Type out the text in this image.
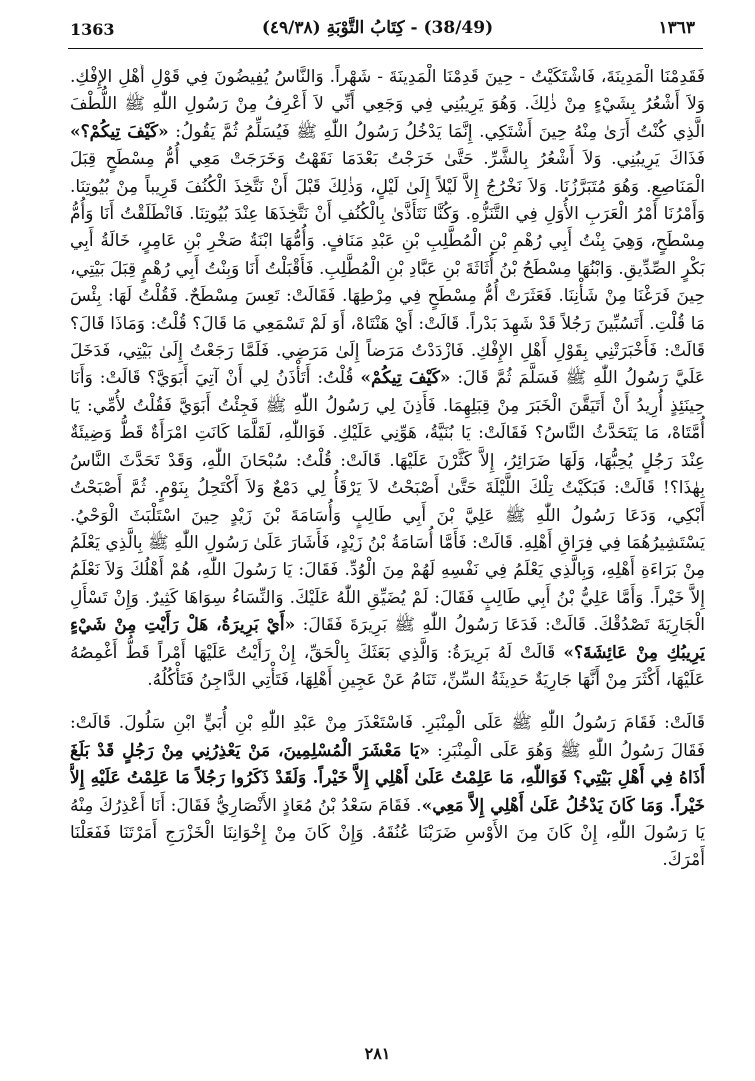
1363	(38/49) - كِتَابُ التَّوْبَةِ (٤٩/٣٨)	١٣٦٣

فَقَدِمْنَا الْمَدِينَةَ، فَاشْتَكَيْتُ - حِينَ قَدِمْنَا الْمَدِينَةَ - شَهْراً. وَالنَّاسُ يُفِيضُونَ فِي قَوْلِ أَهْلِ الإِفْكِ. وَلاَ أَشْعُرُ بِشَيْءٍ مِنْ ذٰلِكَ. وَهُوَ يَرِيبُنِي فِي وَجَعِي أَنِّي لاَ أَعْرِفُ مِنْ رَسُولِ اللّٰهِ ﷺ اللُّطْفَ الَّذِي كُنْتُ أَرَىٰ مِنْهُ حِينَ أَشْتَكِي. إِنَّمَا يَدْخُلُ رَسُولُ اللّٰهِ ﷺ فَيُسَلِّمُ ثُمَّ يَقُولُ: «كَيْفَ تِيكُمْ؟» فَذَاكَ يَرِيبُنِي. وَلاَ أَشْعُرُ بِالشَّرِّ. حَتَّىٰ خَرَجْتُ بَعْدَمَا نَقَهْتُ وَخَرَجَتْ مَعِي أُمُّ مِسْطَحٍ قِبَلَ الْمَنَاصِعِ. وَهُوَ مُتَبَرَّزُنَا. وَلاَ نَخْرُجُ إِلاَّ لَيْلاً إِلَىٰ لَيْلٍ، وَذٰلِكَ قَبْلَ أَنْ نَتَّخِذَ الْكُنُفَ قَرِيباً مِنْ بُيُوتِنَا. وَأَمْرُنَا أَمْرُ الْعَرَبِ الأُوَلِ فِي التَّنَزُّهِ. وَكُنَّا نَتَأَذَّىٰ بِالْكُنُفِ أَنْ نَتَّخِذَهَا عِنْدَ بُيُوتِنَا. فَانْطَلَقْتُ أَنَا وَأُمُّ مِسْطَحٍ، وَهِيَ بِنْتُ أَبِي رُهْمِ بْنِ الْمُطَّلِبِ بْنِ عَبْدِ مَنَافٍ. وَأُمُّهَا ابْنَةُ صَخْرِ بْنِ عَامِرٍ، خَالَةُ أَبِي بَكْرٍ الصِّدِّيقِ. وَابْنُهَا مِسْطَحُ بْنُ أُثَاثَةَ بْنِ عَبَّادِ بْنِ الْمُطَّلِبِ. فَأَقْبَلْتُ أَنَا وَبِنْتُ أَبِي رُهْمٍ قِبَلَ بَيْتِي، حِينَ فَرَغْنَا مِنْ شَأْنِنَا. فَعَثَرَتْ أُمُّ مِسْطَحٍ فِي مِرْطِهَا. فَقَالَتْ: تَعِسَ مِسْطَحٌ. فَقُلْتُ لَهَا: بِئْسَ مَا قُلْتِ. أَتَسُبِّينَ رَجُلاً قَدْ شَهِدَ بَدْراً. قَالَتْ: أَيْ هَنْتَاهْ، أَوَ لَمْ تَسْمَعِي مَا قَالَ؟ قُلْتُ: وَمَاذَا قَالَ؟ قَالَتْ: فَأَخْبَرَتْنِي بِقَوْلِ أَهْلِ الإِفْكِ. فَازْدَدْتُ مَرَضاً إِلَىٰ مَرَضِي. فَلَمَّا رَجَعْتُ إِلَىٰ بَيْتِي، فَدَخَلَ عَلَيَّ رَسُولُ اللّٰهِ ﷺ فَسَلَّمَ ثُمَّ قَالَ: «كَيْفَ تِيكُمْ» قُلْتُ: أَتَأْذَنُ لِي أَنْ آتِيَ أَبَوَيَّ؟ قَالَتْ: وَأَنَا حِينَئِذٍ أُرِيدُ أَنْ أَتَيَقَّنَ الْخَبَرَ مِنْ قِبَلِهِمَا. فَأَذِنَ لِي رَسُولُ اللّٰهِ ﷺ فَجِئْتُ أَبَوَيَّ فَقُلْتُ لأُمِّي: يَا أُمَّتَاهْ، مَا يَتَحَدَّثُ النَّاسُ؟ فَقَالَتْ: يَا بُنَيَّةُ، هَوِّنِي عَلَيْكِ. فَوَاللّٰهِ، لَقَلَّمَا كَانَتِ امْرَأَةٌ قَطُّ وَضِيئَةٌ عِنْدَ رَجُلٍ يُحِبُّهَا، وَلَهَا ضَرَائِرُ، إِلاَّ كَثَّرْنَ عَلَيْهَا. قَالَتْ: قُلْتُ: سُبْحَانَ اللّٰهِ، وَقَدْ تَحَدَّثَ النَّاسُ بِهٰذَا؟! قَالَتْ: فَبَكَيْتُ تِلْكَ اللَّيْلَةَ حَتَّىٰ أَصْبَحْتُ لاَ يَرْقَأُ لِي دَمْعٌ وَلاَ أَكْتَحِلُ بِنَوْمٍ. ثُمَّ أَصْبَحْتُ أَبْكِي، وَدَعَا رَسُولُ اللّٰهِ ﷺ عَلِيَّ بْنَ أَبِي طَالِبٍ وَأُسَامَةَ بْنَ زَيْدٍ حِينَ اسْتَلْبَثَ الْوَحْيُ. يَسْتَشِيرُهُمَا فِي فِرَاقِ أَهْلِهِ. قَالَتْ: فَأَمَّا أُسَامَةُ بْنُ زَيْدٍ، فَأَشَارَ عَلَىٰ رَسُولِ اللّٰهِ ﷺ بِالَّذِي يَعْلَمُ مِنْ بَرَاءَةِ أَهْلِهِ، وَبِالَّذِي يَعْلَمُ فِي نَفْسِهِ لَهُمْ مِنَ الْوُدِّ. فَقَالَ: يَا رَسُولَ اللّٰهِ، هُمْ أَهْلُكَ وَلاَ نَعْلَمُ إِلاَّ خَيْراً. وَأَمَّا عَلِيُّ بْنُ أَبِي طَالِبٍ فَقَالَ: لَمْ يُضَيِّقِ اللّٰهُ عَلَيْكَ. وَالنِّسَاءُ سِوَاهَا كَثِيرٌ. وَإِنْ تَسْأَلِ الْجَارِيَةَ تَصْدُقْكَ. قَالَتْ: فَدَعَا رَسُولُ اللّٰهِ ﷺ بَرِيرَةَ فَقَالَ: «أَيْ بَرِيرَةُ، هَلْ رَأَيْتِ مِنْ شَيْءٍ يَرِيبُكِ مِنْ عَائِشَةَ؟» قَالَتْ لَهُ بَرِيرَةُ: وَالَّذِي بَعَثَكَ بِالْحَقِّ، إِنْ رَأَيْتُ عَلَيْهَا أَمْراً قَطُّ أَغْمِصُهُ عَلَيْهَا، أَكْثَرَ مِنْ أَنَّهَا جَارِيَةٌ حَدِيثَةُ السِّنِّ، تَنَامُ عَنْ عَجِينِ أَهْلِهَا، فَتَأْتِي الدَّاجِنُ فَتَأْكُلُهُ.

قَالَتْ: فَقَامَ رَسُولُ اللّٰهِ ﷺ عَلَى الْمِنْبَرِ. فَاسْتَعْذَرَ مِنْ عَبْدِ اللّٰهِ بْنِ أُبَيٍّ ابْنِ سَلُولَ. قَالَتْ: فَقَالَ رَسُولُ اللّٰهِ ﷺ وَهُوَ عَلَى الْمِنْبَرِ: «يَا مَعْشَرَ الْمُسْلِمِينَ، مَنْ يَعْذِرُنِي مِنْ رَجُلٍ قَدْ بَلَغَ أَذَاهُ فِي أَهْلِ بَيْتِي؟ فَوَاللّٰهِ، مَا عَلِمْتُ عَلَىٰ أَهْلِي إِلاَّ خَيْراً. وَلَقَدْ ذَكَرُوا رَجُلاً مَا عَلِمْتُ عَلَيْهِ إِلاَّ خَيْراً. وَمَا كَانَ يَدْخُلُ عَلَىٰ أَهْلِي إِلاَّ مَعِي». فَقَامَ سَعْدُ بْنُ مُعَاذٍ الأَنْصَارِيُّ فَقَالَ: أَنَا أَعْذِرُكَ مِنْهُ يَا رَسُولَ اللّٰهِ، إِنْ كَانَ مِنَ الأَوْسِ ضَرَبْنَا عُنُقَهُ. وَإِنْ كَانَ مِنْ إِخْوَانِنَا الْخَزْرَجِ أَمَرْتَنَا فَفَعَلْنَا أَمْرَكَ.

٢٨١
